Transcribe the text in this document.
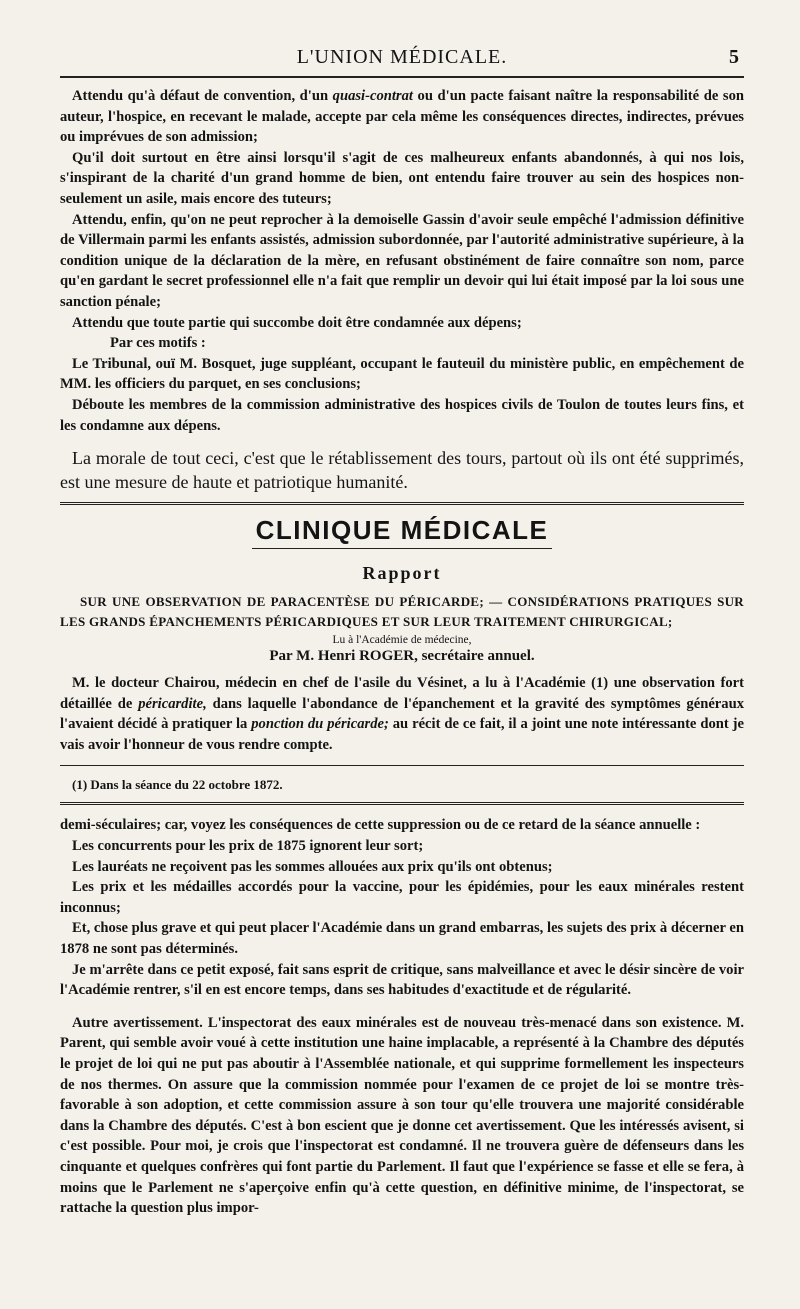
L'UNION MÉDICALE.	5

Attendu qu'à défaut de convention, d'un quasi-contrat ou d'un pacte faisant naître la responsabilité de son auteur, l'hospice, en recevant le malade, accepte par cela même les conséquences directes, indirectes, prévues ou imprévues de son admission;

Qu'il doit surtout en être ainsi lorsqu'il s'agit de ces malheureux enfants abandonnés, à qui nos lois, s'inspirant de la charité d'un grand homme de bien, ont entendu faire trouver au sein des hospices non-seulement un asile, mais encore des tuteurs;

Attendu, enfin, qu'on ne peut reprocher à la demoiselle Gassin d'avoir seule empêché l'admission définitive de Villermain parmi les enfants assistés, admission subordonnée, par l'autorité administrative supérieure, à la condition unique de la déclaration de la mère, en refusant obstinément de faire connaître son nom, parce qu'en gardant le secret professionnel elle n'a fait que remplir un devoir qui lui était imposé par la loi sous une sanction pénale;

Attendu que toute partie qui succombe doit être condamnée aux dépens;

Par ces motifs :

Le Tribunal, ouï M. Bosquet, juge suppléant, occupant le fauteuil du ministère public, en empêchement de MM. les officiers du parquet, en ses conclusions;

Déboute les membres de la commission administrative des hospices civils de Toulon de toutes leurs fins, et les condamne aux dépens.

La morale de tout ceci, c'est que le rétablissement des tours, partout où ils ont été supprimés, est une mesure de haute et patriotique humanité.

CLINIQUE MÉDICALE
Rapport

SUR UNE OBSERVATION DE PARACENTÈSE DU PÉRICARDE; — CONSIDÉRATIONS PRATIQUES SUR LES GRANDS ÉPANCHEMENTS PÉRICARDIQUES ET SUR LEUR TRAITEMENT CHIRURGICAL;

Lu à l'Académie de médecine,
Par M. Henri ROGER, secrétaire annuel.

M. le docteur Chairou, médecin en chef de l'asile du Vésinet, a lu à l'Académie (1) une observation fort détaillée de péricardite, dans laquelle l'abondance de l'épanchement et la gravité des symptômes généraux l'avaient décidé à pratiquer la ponction du péricarde; au récit de ce fait, il a joint une note intéressante dont je vais avoir l'honneur de vous rendre compte.

(1) Dans la séance du 22 octobre 1872.

demi-séculaires; car, voyez les conséquences de cette suppression ou de ce retard de la séance annuelle :

Les concurrents pour les prix de 1875 ignorent leur sort;

Les lauréats ne reçoivent pas les sommes allouées aux prix qu'ils ont obtenus;

Les prix et les médailles accordés pour la vaccine, pour les épidémies, pour les eaux minérales restent inconnus;

Et, chose plus grave et qui peut placer l'Académie dans un grand embarras, les sujets des prix à décerner en 1878 ne sont pas déterminés.

Je m'arrête dans ce petit exposé, fait sans esprit de critique, sans malveillance et avec le désir sincère de voir l'Académie rentrer, s'il en est encore temps, dans ses habitudes d'exactitude et de régularité.

Autre avertissement. L'inspectorat des eaux minérales est de nouveau très-menacé dans son existence. M. Parent, qui semble avoir voué à cette institution une haine implacable, a représenté à la Chambre des députés le projet de loi qui ne put pas aboutir à l'Assemblée nationale, et qui supprime formellement les inspecteurs de nos thermes. On assure que la commission nommée pour l'examen de ce projet de loi se montre très-favorable à son adoption, et cette commission assure à son tour qu'elle trouvera une majorité considérable dans la Chambre des députés. C'est à bon escient que je donne cet avertissement. Que les intéressés avisent, si c'est possible. Pour moi, je crois que l'inspectorat est condamné. Il ne trouvera guère de défenseurs dans les cinquante et quelques confrères qui font partie du Parlement. Il faut que l'expérience se fasse et elle se fera, à moins que le Parlement ne s'aperçoive enfin qu'à cette question, en définitive minime, de l'inspectorat, se rattache la question plus impor-
